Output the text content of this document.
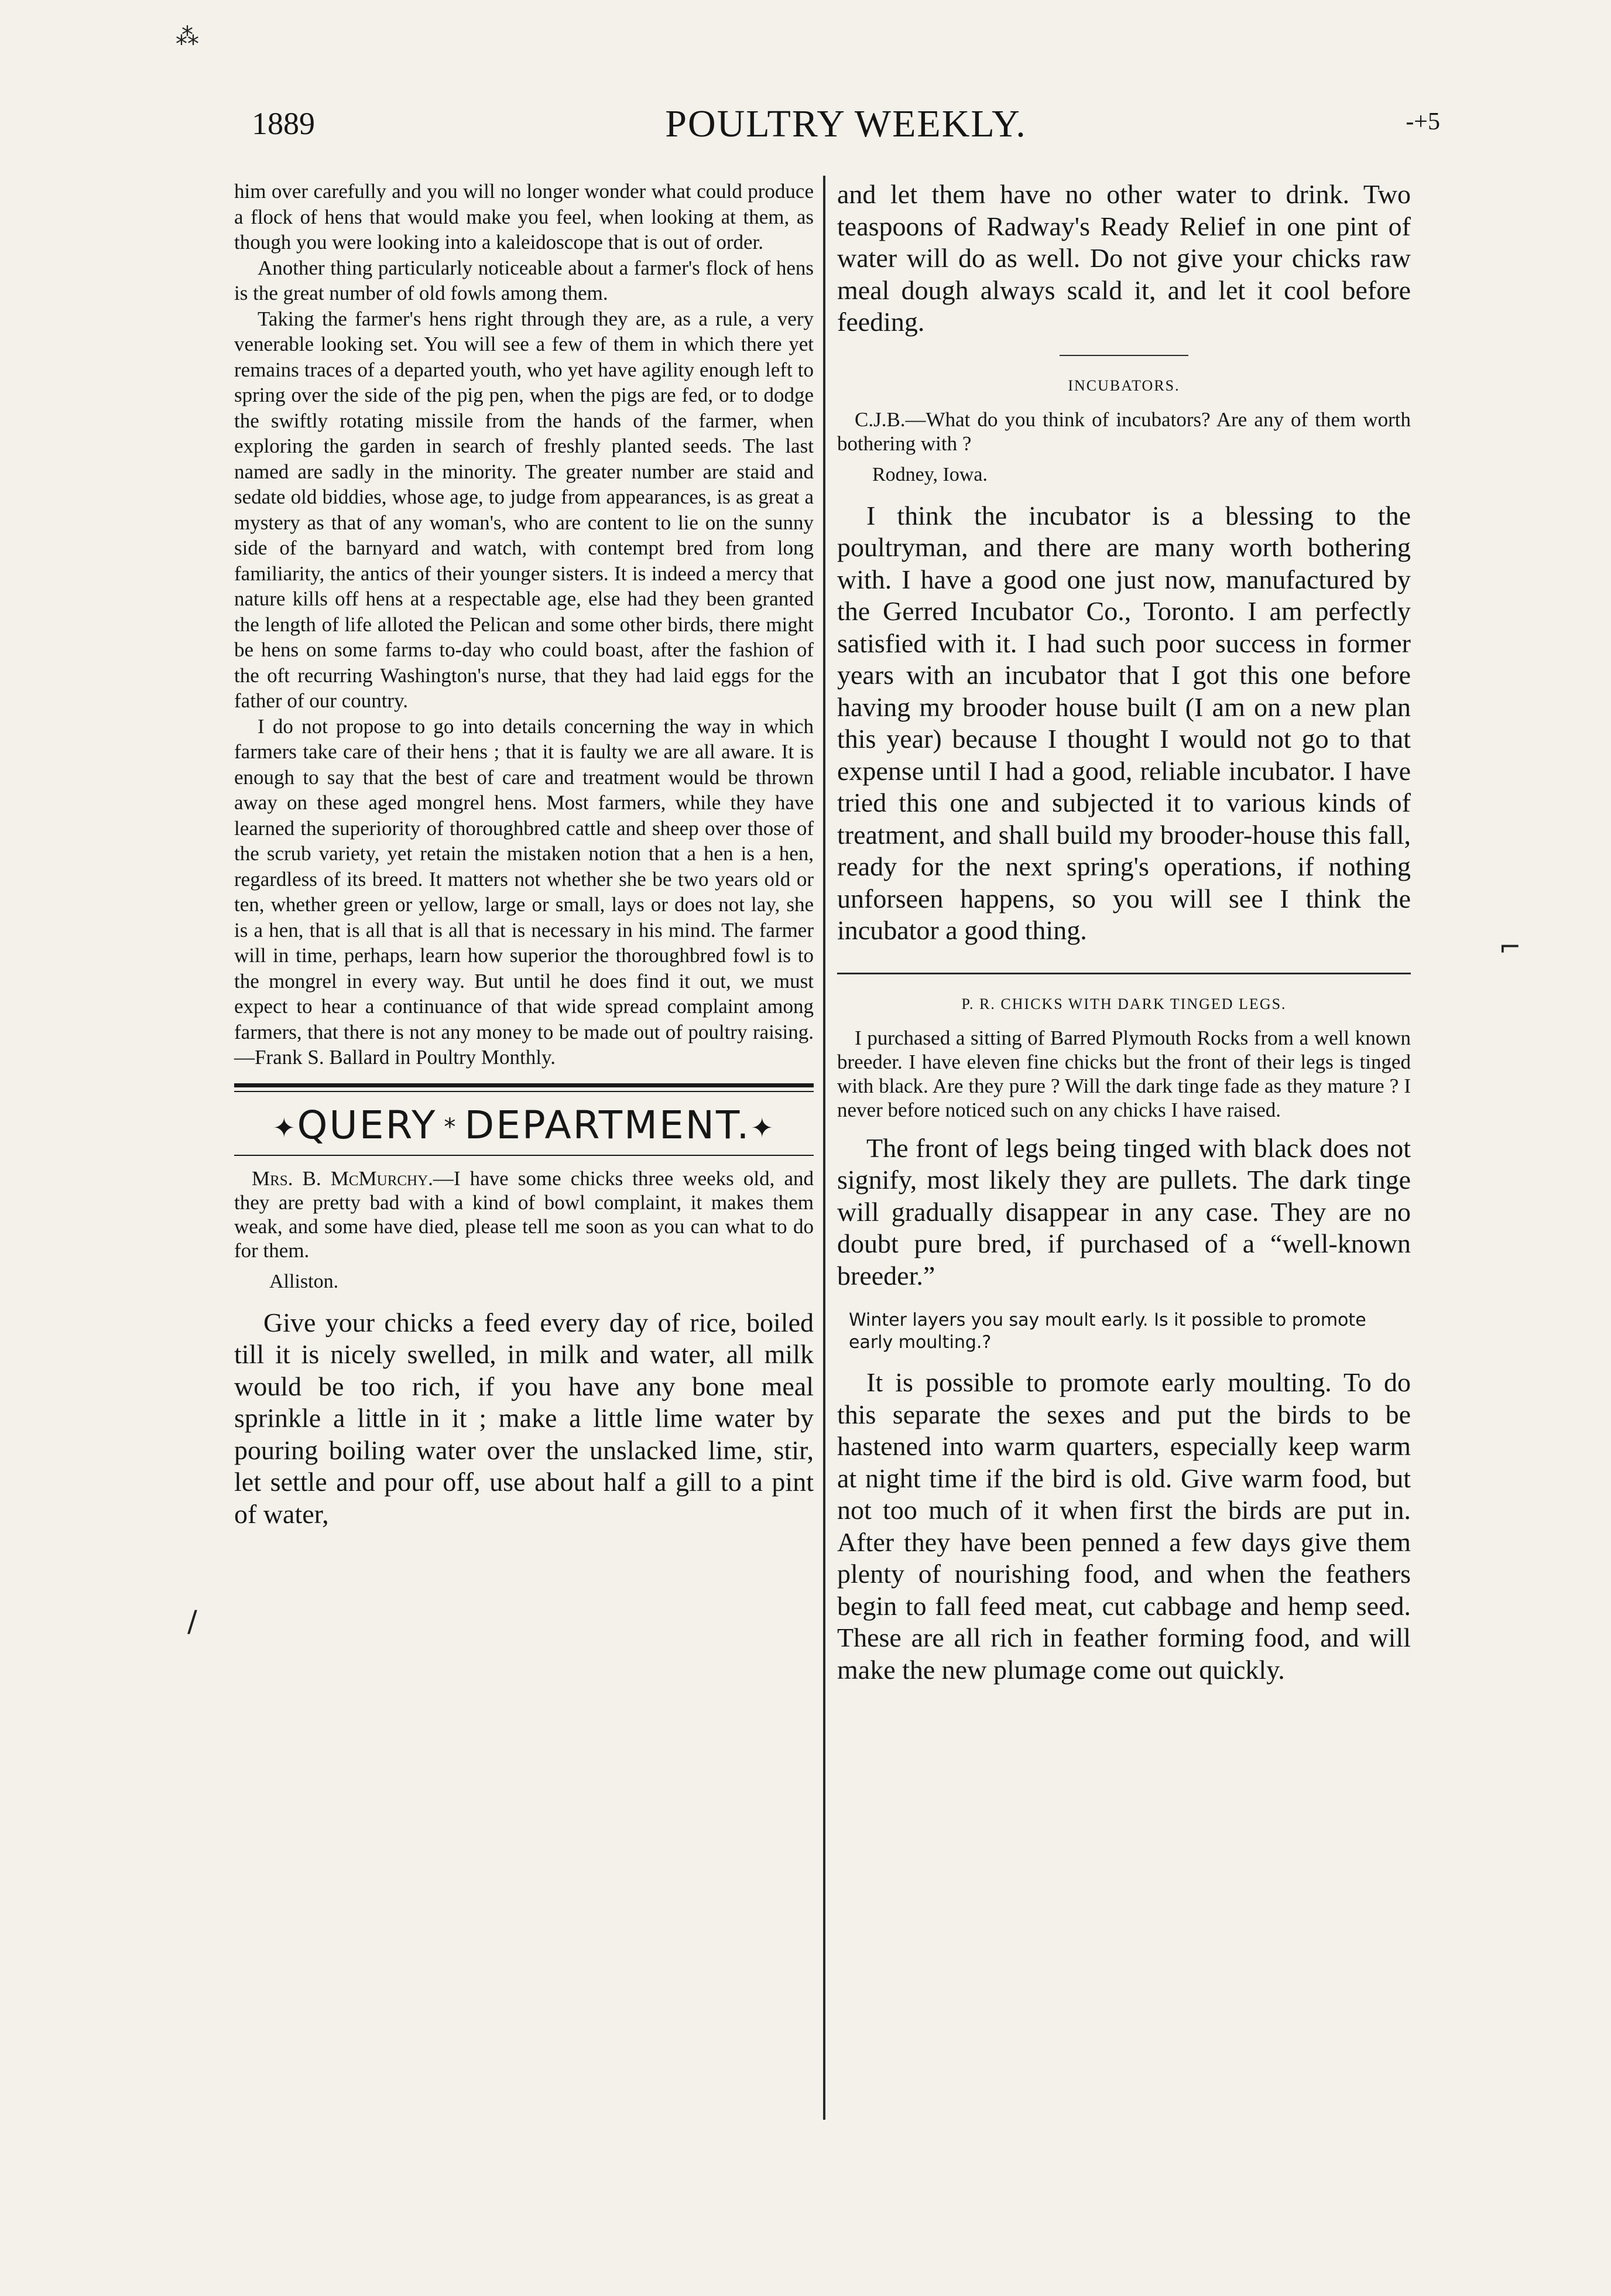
1889	POULTRY WEEKLY.	-+5

him over carefully and you will no longer wonder what could produce a flock of hens that would make you feel, when looking at them, as though you were looking into a kaleidoscope that is out of order.

Another thing particularly noticeable about a farmer's flock of hens is the great number of old fowls among them.

Taking the farmer's hens right through they are, as a rule, a very venerable looking set. You will see a few of them in which there yet remains traces of a departed youth, who yet have agility enough left to spring over the side of the pig pen, when the pigs are fed, or to dodge the swiftly rotating missile from the hands of the farmer, when exploring the garden in search of freshly planted seeds. The last named are sadly in the minority. The greater number are staid and sedate old biddies, whose age, to judge from appearances, is as great a mystery as that of any woman's, who are content to lie on the sunny side of the barnyard and watch, with contempt bred from long familiarity, the antics of their younger sisters. It is indeed a mercy that nature kills off hens at a respectable age, else had they been granted the length of life alloted the Pelican and some other birds, there might be hens on some farms to-day who could boast, after the fashion of the oft recurring Washington's nurse, that they had laid eggs for the father of our country.

I do not propose to go into details concerning the way in which farmers take care of their hens ; that it is faulty we are all aware. It is enough to say that the best of care and treatment would be thrown away on these aged mongrel hens. Most farmers, while they have learned the superiority of thoroughbred cattle and sheep over those of the scrub variety, yet retain the mistaken notion that a hen is a hen, regardless of its breed. It matters not whether she be two years old or ten, whether green or yellow, large or small, lays or does not lay, she is a hen, that is all that is all that is necessary in his mind. The farmer will in time, perhaps, learn how superior the thoroughbred fowl is to the mongrel in every way. But until he does find it out, we must expect to hear a continuance of that wide spread complaint among farmers, that there is not any money to be made out of poultry raising.—Frank S. Ballard in Poultry Monthly.

✦QUERY * DEPARTMENT.✦

Mrs. B. McMurchy.—I have some chicks three weeks old, and they are pretty bad with a kind of bowl complaint, it makes them weak, and some have died, please tell me soon as you can what to do for them.

Alliston.

Give your chicks a feed every day of rice, boiled till it is nicely swelled, in milk and water, all milk would be too rich, if you have any bone meal sprinkle a little in it ; make a little lime water by pouring boiling water over the unslacked lime, stir, let settle and pour off, use about half a gill to a pint of water,

and let them have no other water to drink. Two teaspoons of Radway's Ready Relief in one pint of water will do as well. Do not give your chicks raw meal dough always scald it, and let it cool before feeding.

INCUBATORS.

C.J.B.—What do you think of incubators? Are any of them worth bothering with ?

Rodney, Iowa.

I think the incubator is a blessing to the poultryman, and there are many worth bothering with. I have a good one just now, manufactured by the Gerred Incubator Co., Toronto. I am perfectly satisfied with it. I had such poor success in former years with an incubator that I got this one before having my brooder house built (I am on a new plan this year) because I thought I would not go to that expense until I had a good, reliable incubator. I have tried this one and subjected it to various kinds of treatment, and shall build my brooder-house this fall, ready for the next spring's operations, if nothing unforseen happens, so you will see I think the incubator a good thing.

P. R. CHICKS WITH DARK TINGED LEGS.

I purchased a sitting of Barred Plymouth Rocks from a well known breeder. I have eleven fine chicks but the front of their legs is tinged with black. Are they pure ? Will the dark tinge fade as they mature ? I never before noticed such on any chicks I have raised.

The front of legs being tinged with black does not signify, most likely they are pullets. The dark tinge will gradually disappear in any case. They are no doubt pure bred, if purchased of a “well-known breeder.”

Winter layers you say moult early. Is it possible to promote early moulting.?

It is possible to promote early moulting. To do this separate the sexes and put the birds to be hastened into warm quarters, especially keep warm at night time if the bird is old. Give warm food, but not too much of it when first the birds are put in. After they have been penned a few days give them plenty of nourishing food, and when the feathers begin to fall feed meat, cut cabbage and hemp seed. These are all rich in feather forming food, and will make the new plumage come out quickly.

⁂
/
⌐
